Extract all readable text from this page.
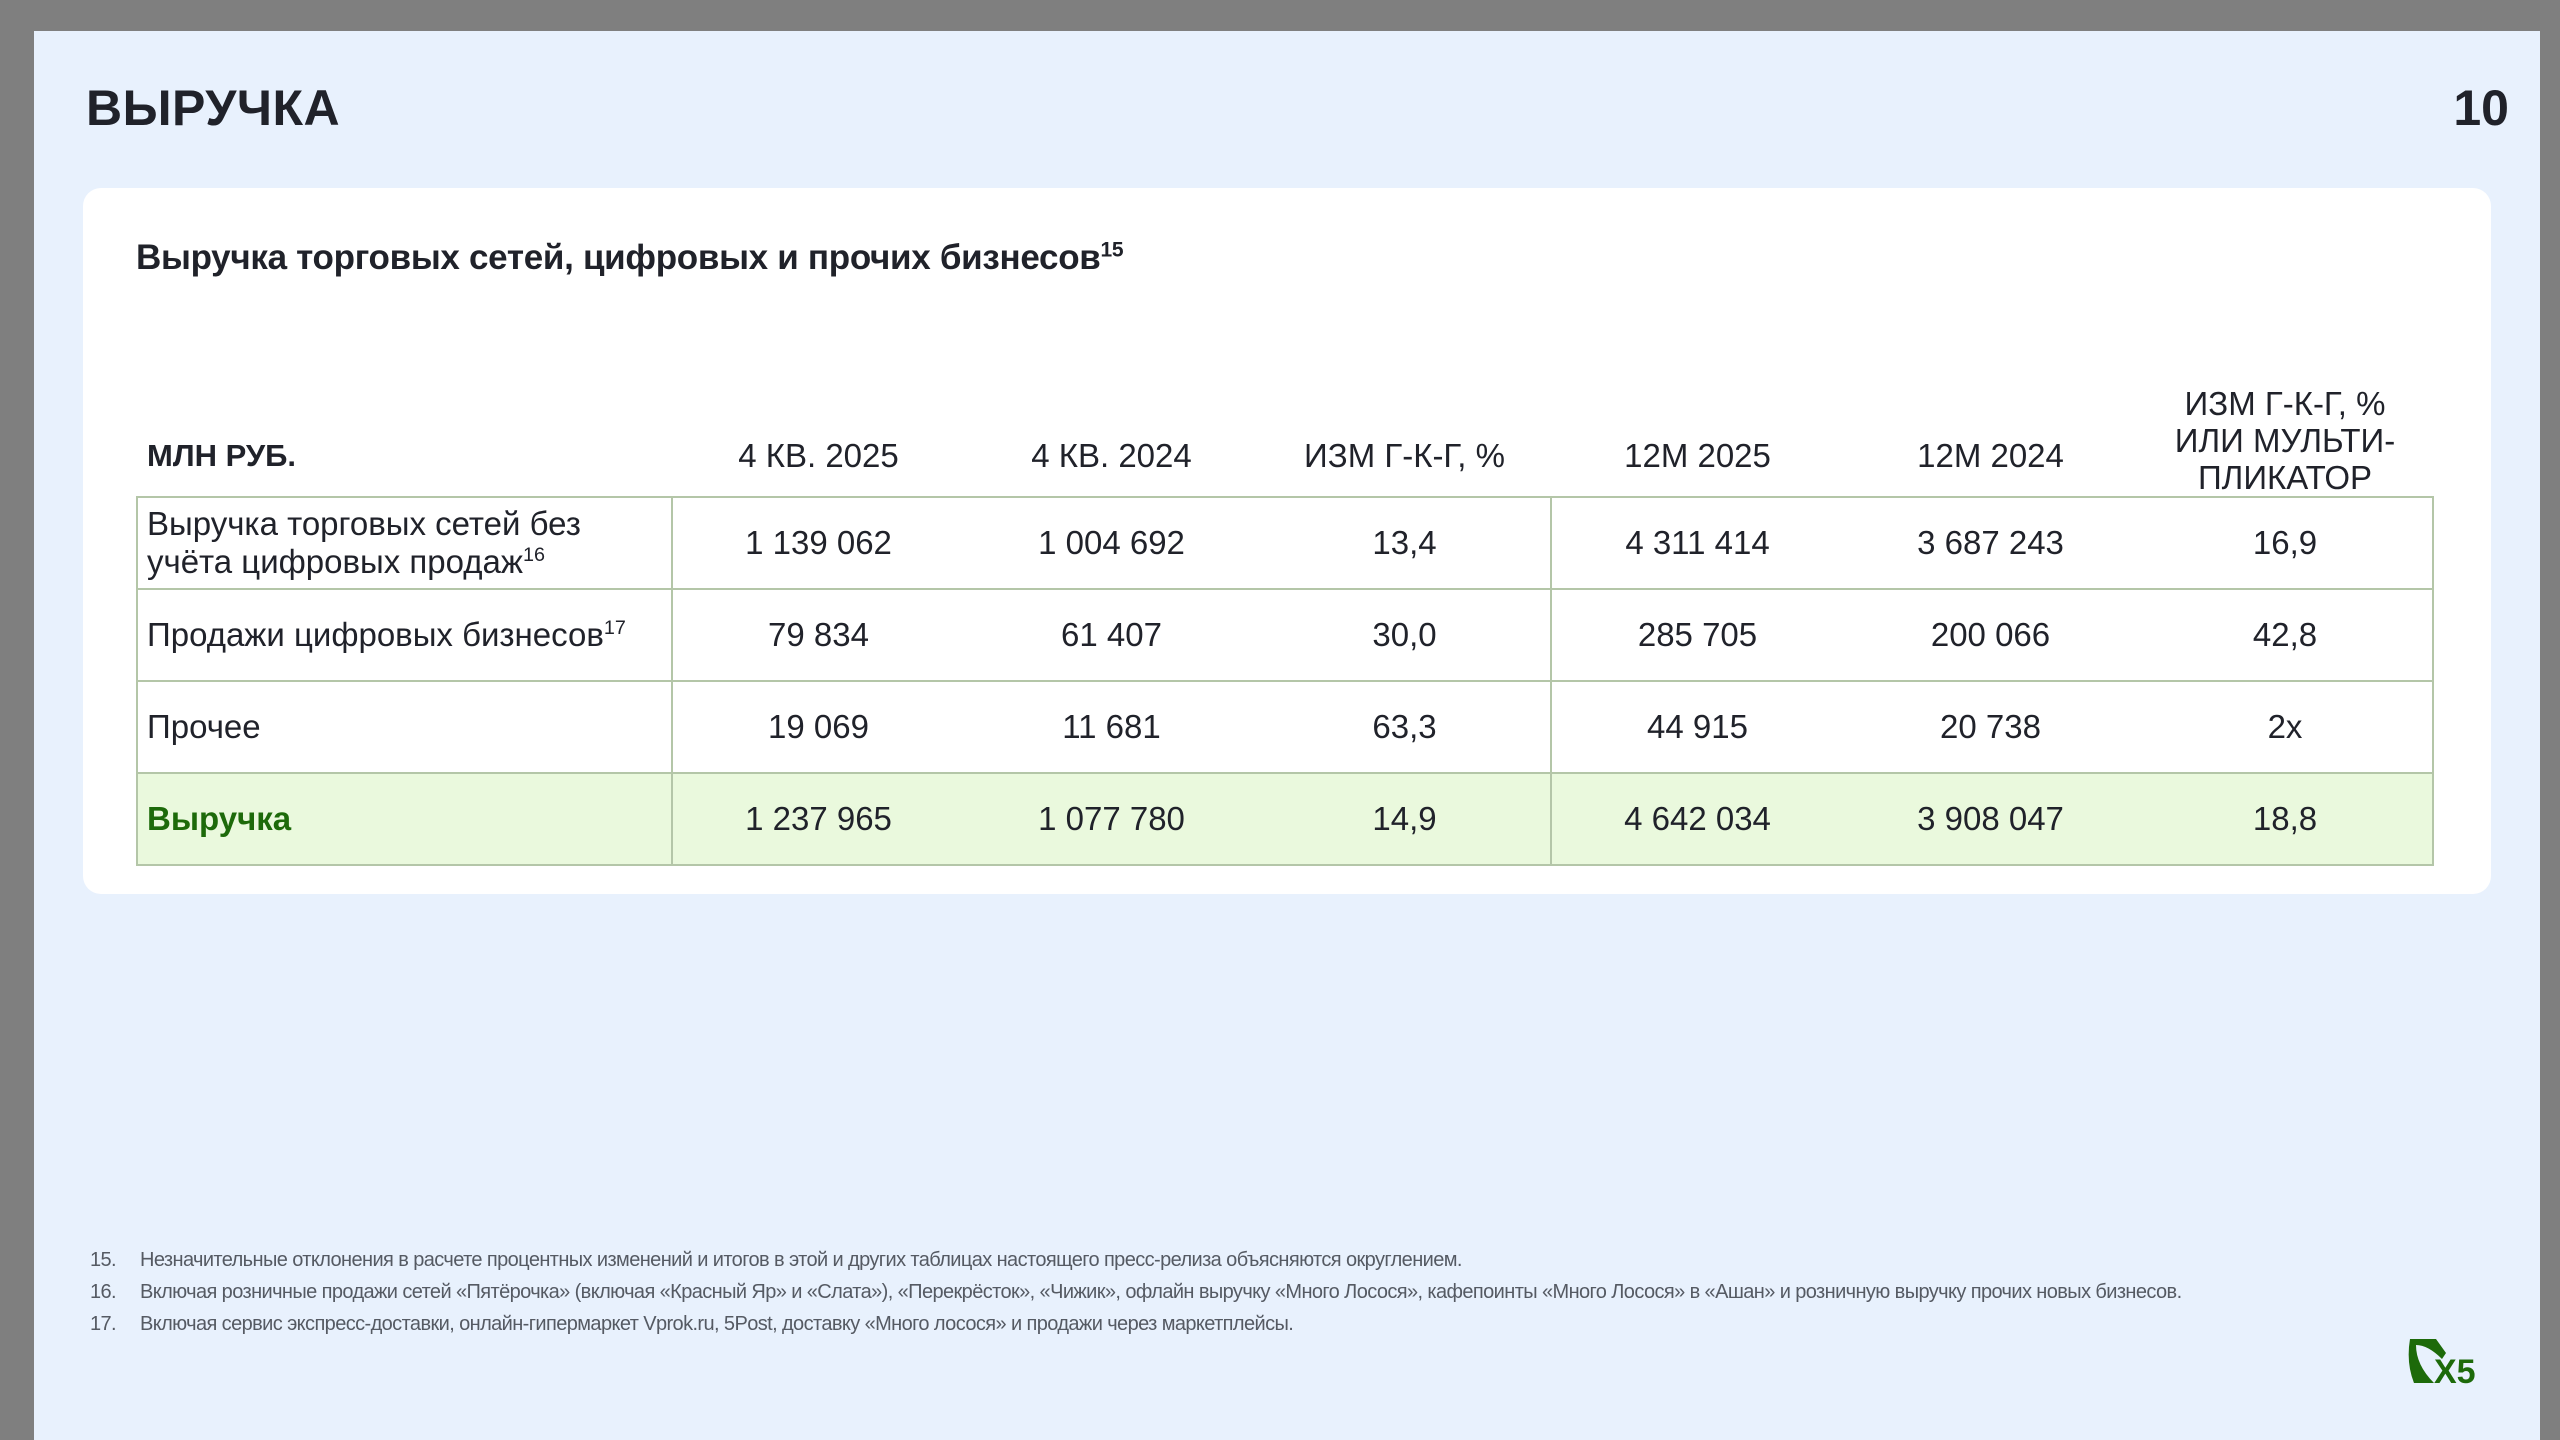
ВЫРУЧКА	10
Выручка торговых сетей, цифровых и прочих бизнесов$^{15}$
МЛН РУБ.	4 КВ. 2025	4 КВ. 2024	ИЗМ Г-К-Г, %	12М 2025	12М 2024	ИЗМ Г-К-Г, %
ИЛИ МУЛЬТИ-
ПЛИКАТОР

Выручка торговых сетей без
учёта цифровых продаж$^{16}$	1 139 062	1 004 692	13,4	4 311 414	3 687 243	16,9
Продажи цифровых бизнесов$^{17}$	79 834	61 407	30,0	285 705	200 066	42,8
Прочее	19 069	11 681	63,3	44 915	20 738	2x
Выручка	1 237 965	1 077 780	14,9	4 642 034	3 908 047	18,8
15.	Незначительные отклонения в расчете процентных изменений и итогов в этой и других таблицах настоящего пресс-релиза объясняются округлением.
16.	Включая розничные продажи сетей «Пятёрочка» (включая «Красный Яр» и «Слата»), «Перекрёсток», «Чижик», офлайн выручку «Много Лосося», кафепоинты «Много Лосося» в «Ашан» и розничную выручку прочих новых бизнесов.
17.	Включая сервис экспресс-доставки, онлайн-гипермаркет Vprok.ru, 5Post, доставку «Много лосося» и продажи через маркетплейсы.
X5
